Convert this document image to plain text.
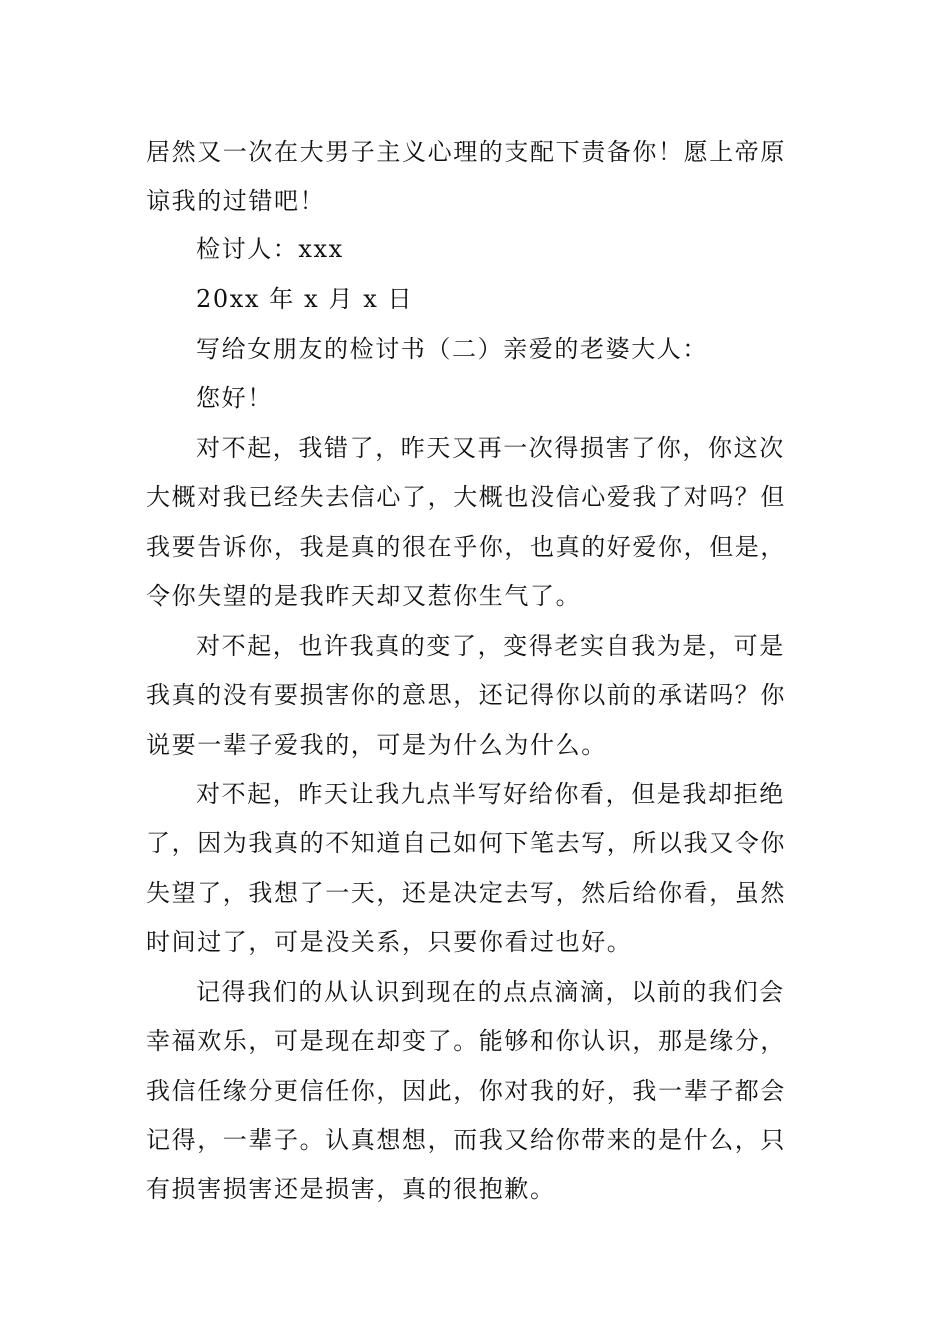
居然又一次在大男子主义心理的支配下责备你！愿上帝原谅我的过错吧！

检讨人：xxx
20xx 年 x 月 x 日
写给女朋友的检讨书（二）亲爱的老婆大人：
您好！

对不起，我错了，昨天又再一次得损害了你，你这次大概对我已经失去信心了，大概也没信心爱我了对吗？但我要告诉你，我是真的很在乎你，也真的好爱你，但是，令你失望的是我昨天却又惹你生气了。

对不起，也许我真的变了，变得老实自我为是，可是我真的没有要损害你的意思，还记得你以前的承诺吗？你说要一辈子爱我的，可是为什么为什么。

对不起，昨天让我九点半写好给你看，但是我却拒绝了，因为我真的不知道自己如何下笔去写，所以我又令你失望了，我想了一天，还是决定去写，然后给你看，虽然时间过了，可是没关系，只要你看过也好。

记得我们的从认识到现在的点点滴滴，以前的我们会幸福欢乐，可是现在却变了。能够和你认识，那是缘分，我信任缘分更信任你，因此，你对我的好，我一辈子都会记得，一辈子。认真想想，而我又给你带来的是什么，只有损害损害还是损害，真的很抱歉。
